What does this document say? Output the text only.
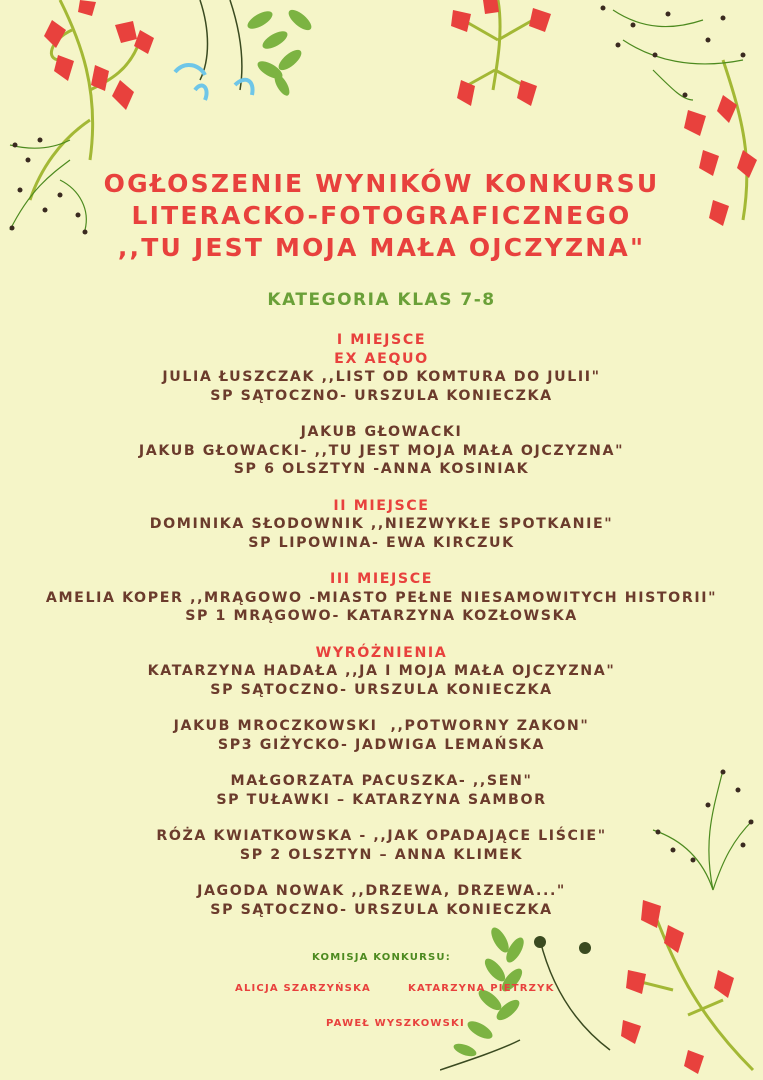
OGŁOSZENIE WYNIKÓW KONKURSU
LITERACKO-FOTOGRAFICZNEGO
,,TU JEST MOJA MAŁA OJCZYZNA"
KATEGORIA KLAS 7-8
I MIEJSCE
EX AEQUO
JULIA ŁUSZCZAK ,,LIST OD KOMTURA DO JULII"
SP SĄTOCZNO- URSZULA KONIECZKA
JAKUB GŁOWACKI
JAKUB GŁOWACKI- ,,TU JEST MOJA MAŁA OJCZYZNA"
SP 6 OLSZTYN -ANNA KOSINIAK
II MIEJSCE
DOMINIKA SŁODOWNIK ,,NIEZWYKŁE SPOTKANIE"
SP LIPOWINA- EWA KIRCZUK
III MIEJSCE
AMELIA KOPER ,,MRĄGOWO -MIASTO PEŁNE NIESAMOWITYCH HISTORII"
SP 1 MRĄGOWO- KATARZYNA KOZŁOWSKA
WYRÓŻNIENIA
KATARZYNA HADAŁA ,,JA I MOJA MAŁA OJCZYZNA"
SP SĄTOCZNO- URSZULA KONIECZKA
JAKUB MROCZKOWSKI  ,,POTWORNY ZAKON"
SP3 GIŻYCKO- JADWIGA LEMAŃSKA
MAŁGORZATA PACUSZKA- ,,SEN"
SP TUŁAWKI – KATARZYNA SAMBOR
RÓŻA KWIATKOWSKA - ,,JAK OPADAJĄCE LIŚCIE"
SP 2 OLSZTYN – ANNA KLIMEK
JAGODA NOWAK ,,DRZEWA, DRZEWA..."
SP SĄTOCZNO- URSZULA KONIECZKA
KOMISJA KONKURSU:
ALICJA SZARZYŃSKA	KATARZYNA PIETRZYK
PAWEŁ WYSZKOWSKI
